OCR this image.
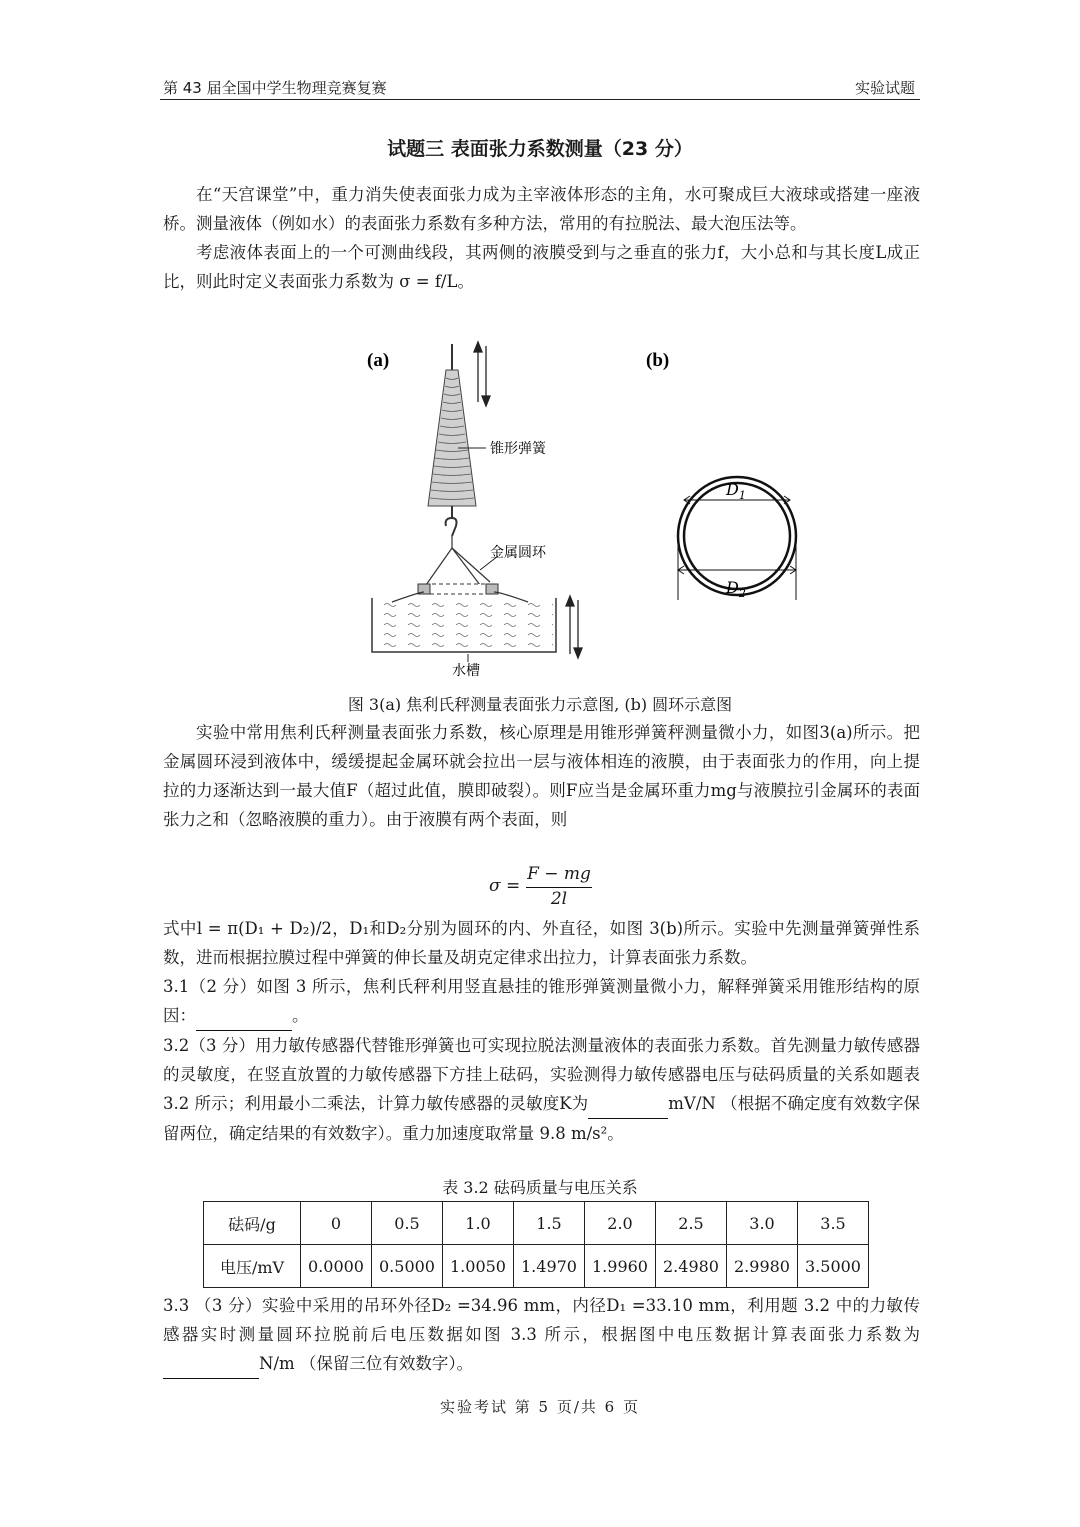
第 43 届全国中学生物理竞赛复赛	实验试题
试题三 表面张力系数测量（23 分）

在“天宫课堂”中，重力消失使表面张力成为主宰液体形态的主角，水可聚成巨大液球或搭建一座液桥。测量液体（例如水）的表面张力系数有多种方法，常用的有拉脱法、最大泡压法等。

考虑液体表面上的一个可测曲线段，其两侧的液膜受到与之垂直的张力f，大小总和与其长度L成正比，则此时定义表面张力系数为 σ = f/L。

(a)	(b)
锥形弹簧
金属圆环
水槽
$D_1$
$D_2$
图 3(a) 焦利氏秤测量表面张力示意图, (b) 圆环示意图

实验中常用焦利氏秤测量表面张力系数，核心原理是用锥形弹簧秤测量微小力，如图3(a)所示。把金属圆环浸到液体中，缓缓提起金属环就会拉出一层与液体相连的液膜，由于表面张力的作用，向上提拉的力逐渐达到一最大值F（超过此值，膜即破裂）。则F应当是金属环重力mg与液膜拉引金属环的表面张力之和（忽略液膜的重力）。由于液膜有两个表面，则

σ =
F − mg
2l

式中l = π(D₁ + D₂)/2，D₁和D₂分别为圆环的内、外直径，如图 3(b)所示。实验中先测量弹簧弹性系数，进而根据拉膜过程中弹簧的伸长量及胡克定律求出拉力，计算表面张力系数。

3.1（2 分）如图 3 所示，焦利氏秤利用竖直悬挂的锥形弹簧测量微小力，解释弹簧采用锥形结构的原因：	。

3.2（3 分）用力敏传感器代替锥形弹簧也可实现拉脱法测量液体的表面张力系数。首先测量力敏传感器的灵敏度，在竖直放置的力敏传感器下方挂上砝码，实验测得力敏传感器电压与砝码质量的关系如题表 3.2 所示；利用最小二乘法，计算力敏传感器的灵敏度K为	mV/N （根据不确定度有效数字保留两位，确定结果的有效数字）。重力加速度取常量 9.8 m/s²。

表 3.2 砝码质量与电压关系
砝码/g	0	0.5	1.0	1.5	2.0	2.5	3.0	3.5
电压/mV	0.0000	0.5000	1.0050	1.4970	1.9960	2.4980	2.9980	3.5000

3.3 （3 分）实验中采用的吊环外径D₂ =34.96 mm，内径D₁ =33.10 mm，利用题 3.2 中的力敏传感器实时测量圆环拉脱前后电压数据如图 3.3 所示，根据图中电压数据计算表面张力系数为 N/m （保留三位有效数字）。

实验考试 第 5 页/共 6 页
